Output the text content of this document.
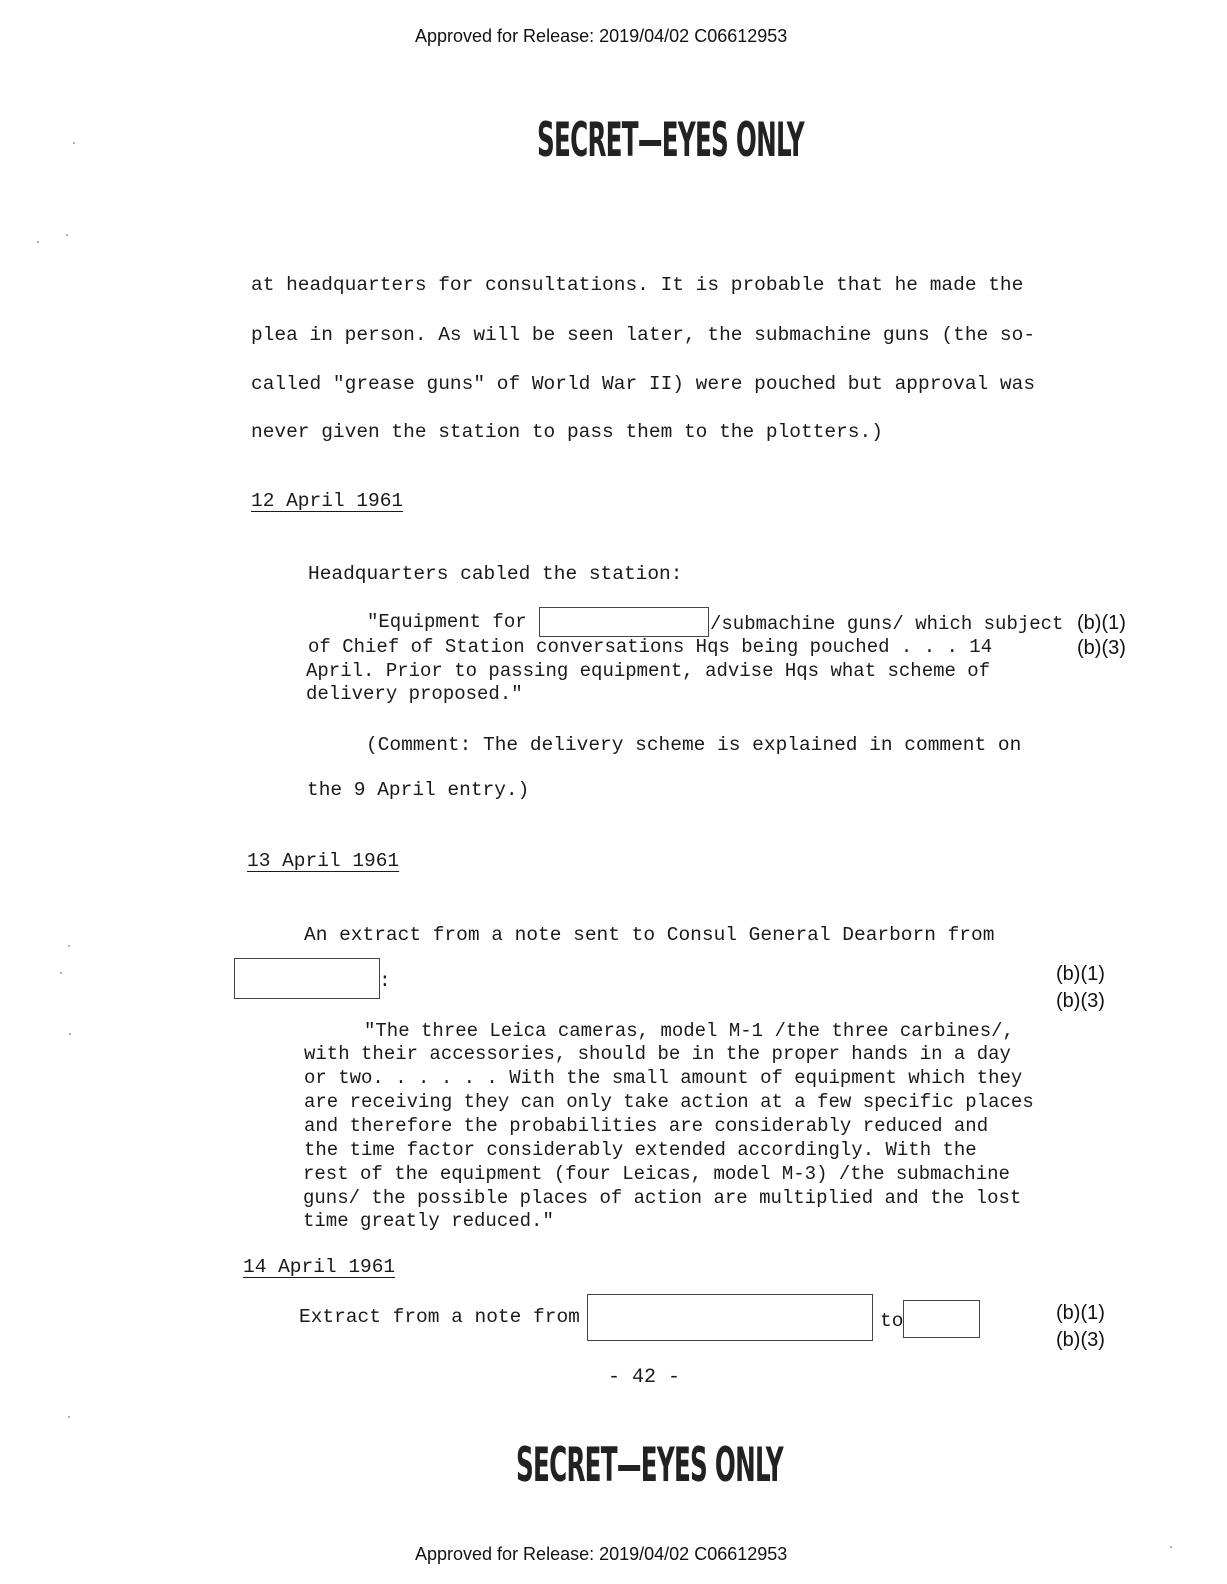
Approved for Release: 2019/04/02 C06612953
SECRET—EYES ONLY
at headquarters for consultations. It is probable that he made the
plea in person. As will be seen later, the submachine guns (the so-
called "grease guns" of World War II) were pouched but approval was
never given the station to pass them to the plotters.)
12 April 1961
Headquarters cabled the station:
"Equipment for	/submachine guns/ which subject
of Chief of Station conversations Hqs being pouched . . . 14
April. Prior to passing equipment, advise Hqs what scheme of
delivery proposed."
(b)(1)
(b)(3)
(Comment: The delivery scheme is explained in comment on
the 9 April entry.)
13 April 1961
An extract from a note sent to Consul General Dearborn from
:	(b)(1)
(b)(3)
"The three Leica cameras, model M-1 /the three carbines/,
with their accessories, should be in the proper hands in a day
or two. . . . . . With the small amount of equipment which they
are receiving they can only take action at a few specific places
and therefore the probabilities are considerably reduced and
the time factor considerably extended accordingly. With the
rest of the equipment (four Leicas, model M-3) /the submachine
guns/ the possible places of action are multiplied and the lost
time greatly reduced."
14 April 1961
Extract from a note from	to	(b)(1)
(b)(3)
- 42 -
SECRET—EYES ONLY
Approved for Release: 2019/04/02 C06612953
